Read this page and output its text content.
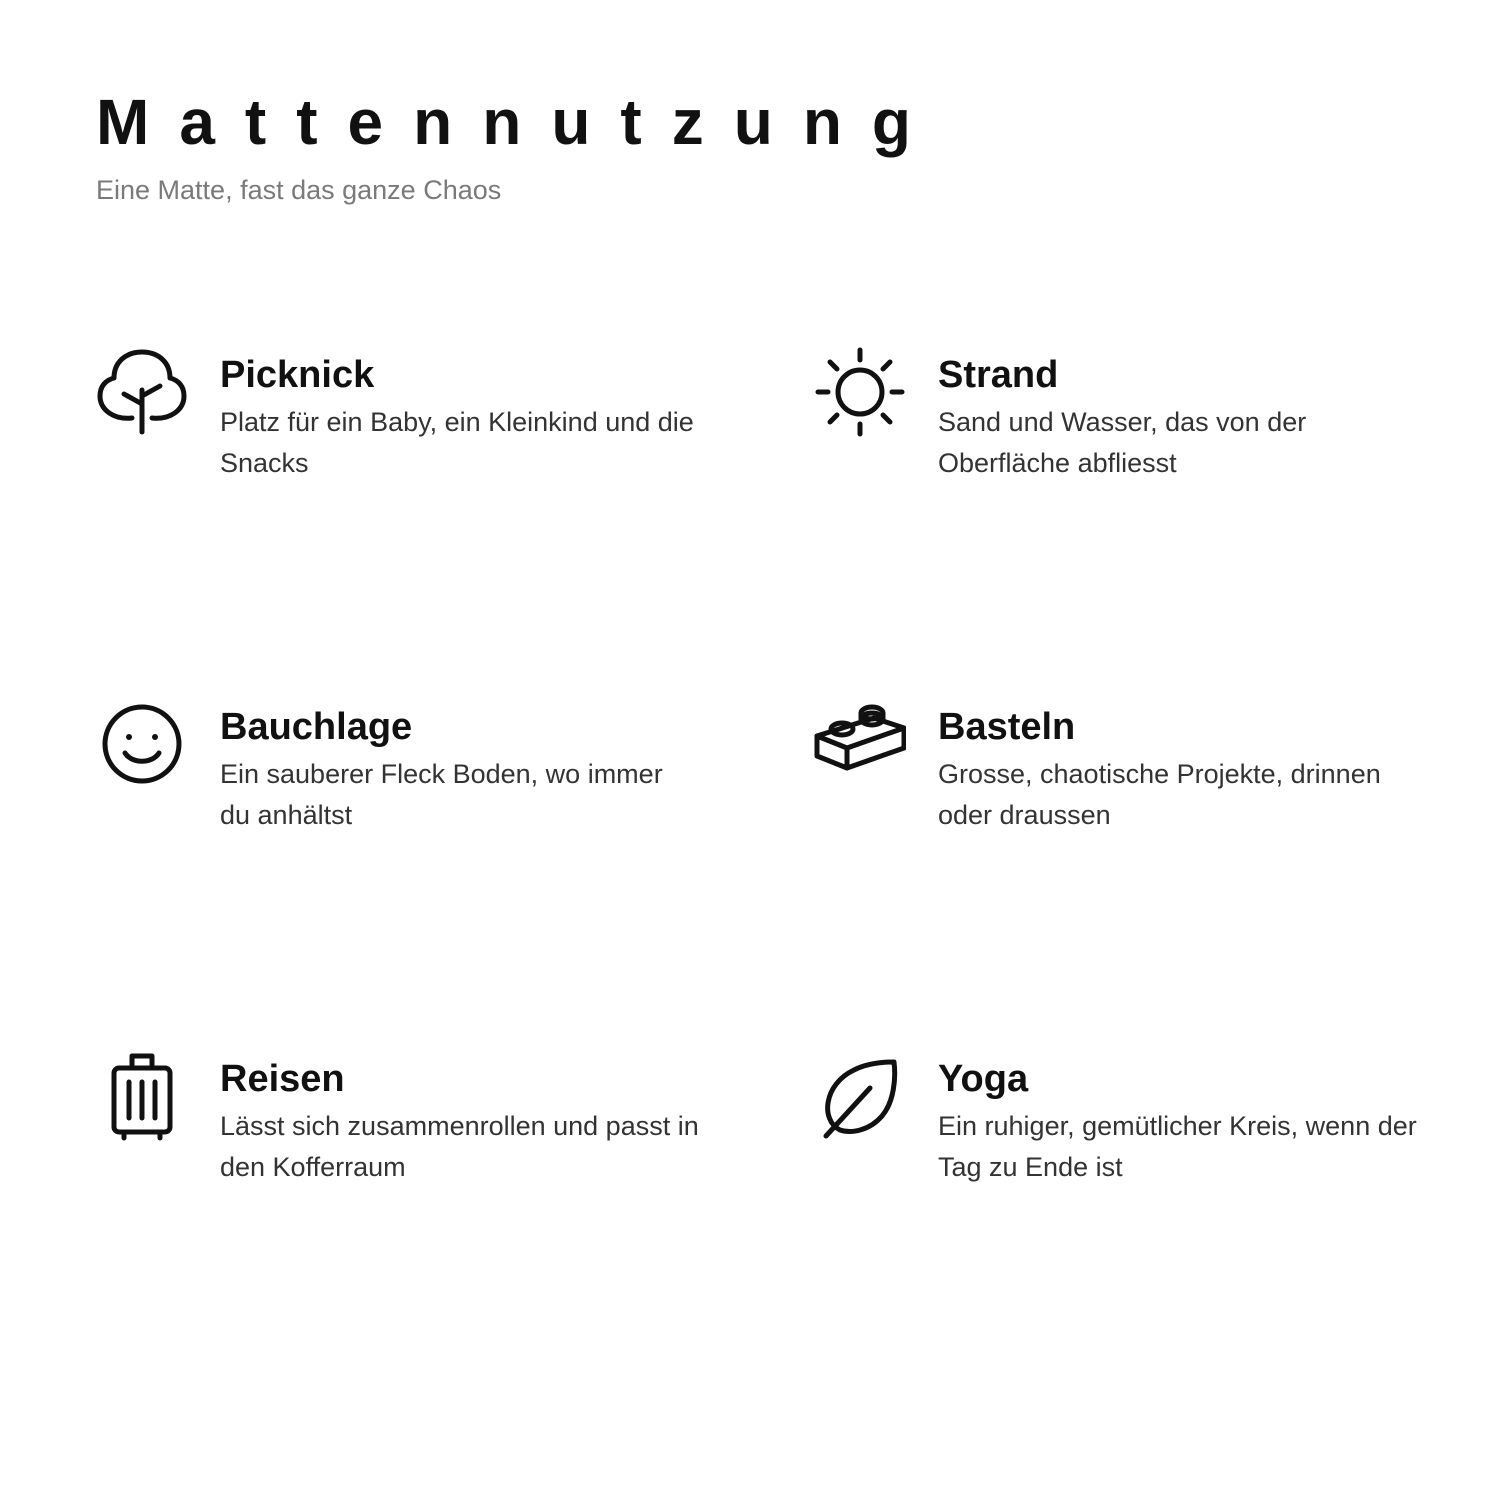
Mattennutzung

Eine Matte, fast das ganze Chaos

Picknick

Platz für ein Baby, ein Kleinkind und die Snacks

Strand

Sand und Wasser, das von der Oberfläche abfliesst

Bauchlage

Ein sauberer Fleck Boden, wo immer du anhältst

Basteln

Grosse, chaotische Projekte, drinnen oder draussen

Reisen

Lässt sich zusammenrollen und passt in den Kofferraum

Yoga

Ein ruhiger, gemütlicher Kreis, wenn der Tag zu Ende ist
